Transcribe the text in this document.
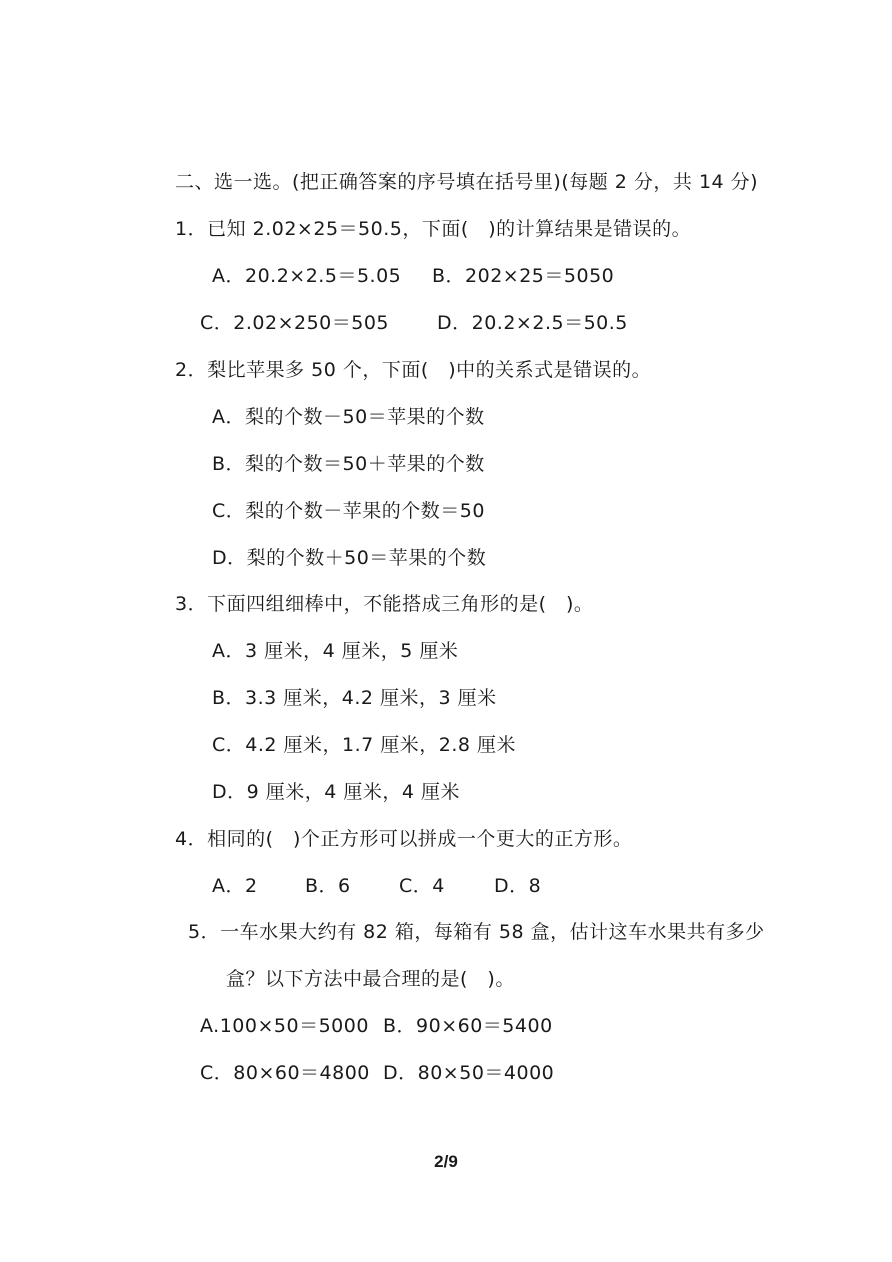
二、选一选。(把正确答案的序号填在括号里)(每题 2 分，共 14 分)
1．已知 2.02×25＝50.5，下面(　)的计算结果是错误的。
A．20.2×2.5＝5.05 B．202×25＝5050
C．2.02×250＝505	D．20.2×2.5＝50.5
2．梨比苹果多 50 个，下面(　)中的关系式是错误的。
A．梨的个数－50＝苹果的个数
B．梨的个数＝50＋苹果的个数
C．梨的个数－苹果的个数＝50
D．梨的个数＋50＝苹果的个数
3．下面四组细棒中，不能搭成三角形的是(　)。
A．3 厘米，4 厘米，5 厘米
B．3.3 厘米，4.2 厘米，3 厘米
C．4.2 厘米，1.7 厘米，2.8 厘米
D．9 厘米，4 厘米，4 厘米
4．相同的(　)个正方形可以拼成一个更大的正方形。
A．2 B．6	C．4	D．8
5．一车水果大约有 82 箱，每箱有 58 盒，估计这车水果共有多少
盒？以下方法中最合理的是(　)。
A.100×50＝5000 B．90×60＝5400
C．80×60＝4800 D．80×50＝4000
2/9
